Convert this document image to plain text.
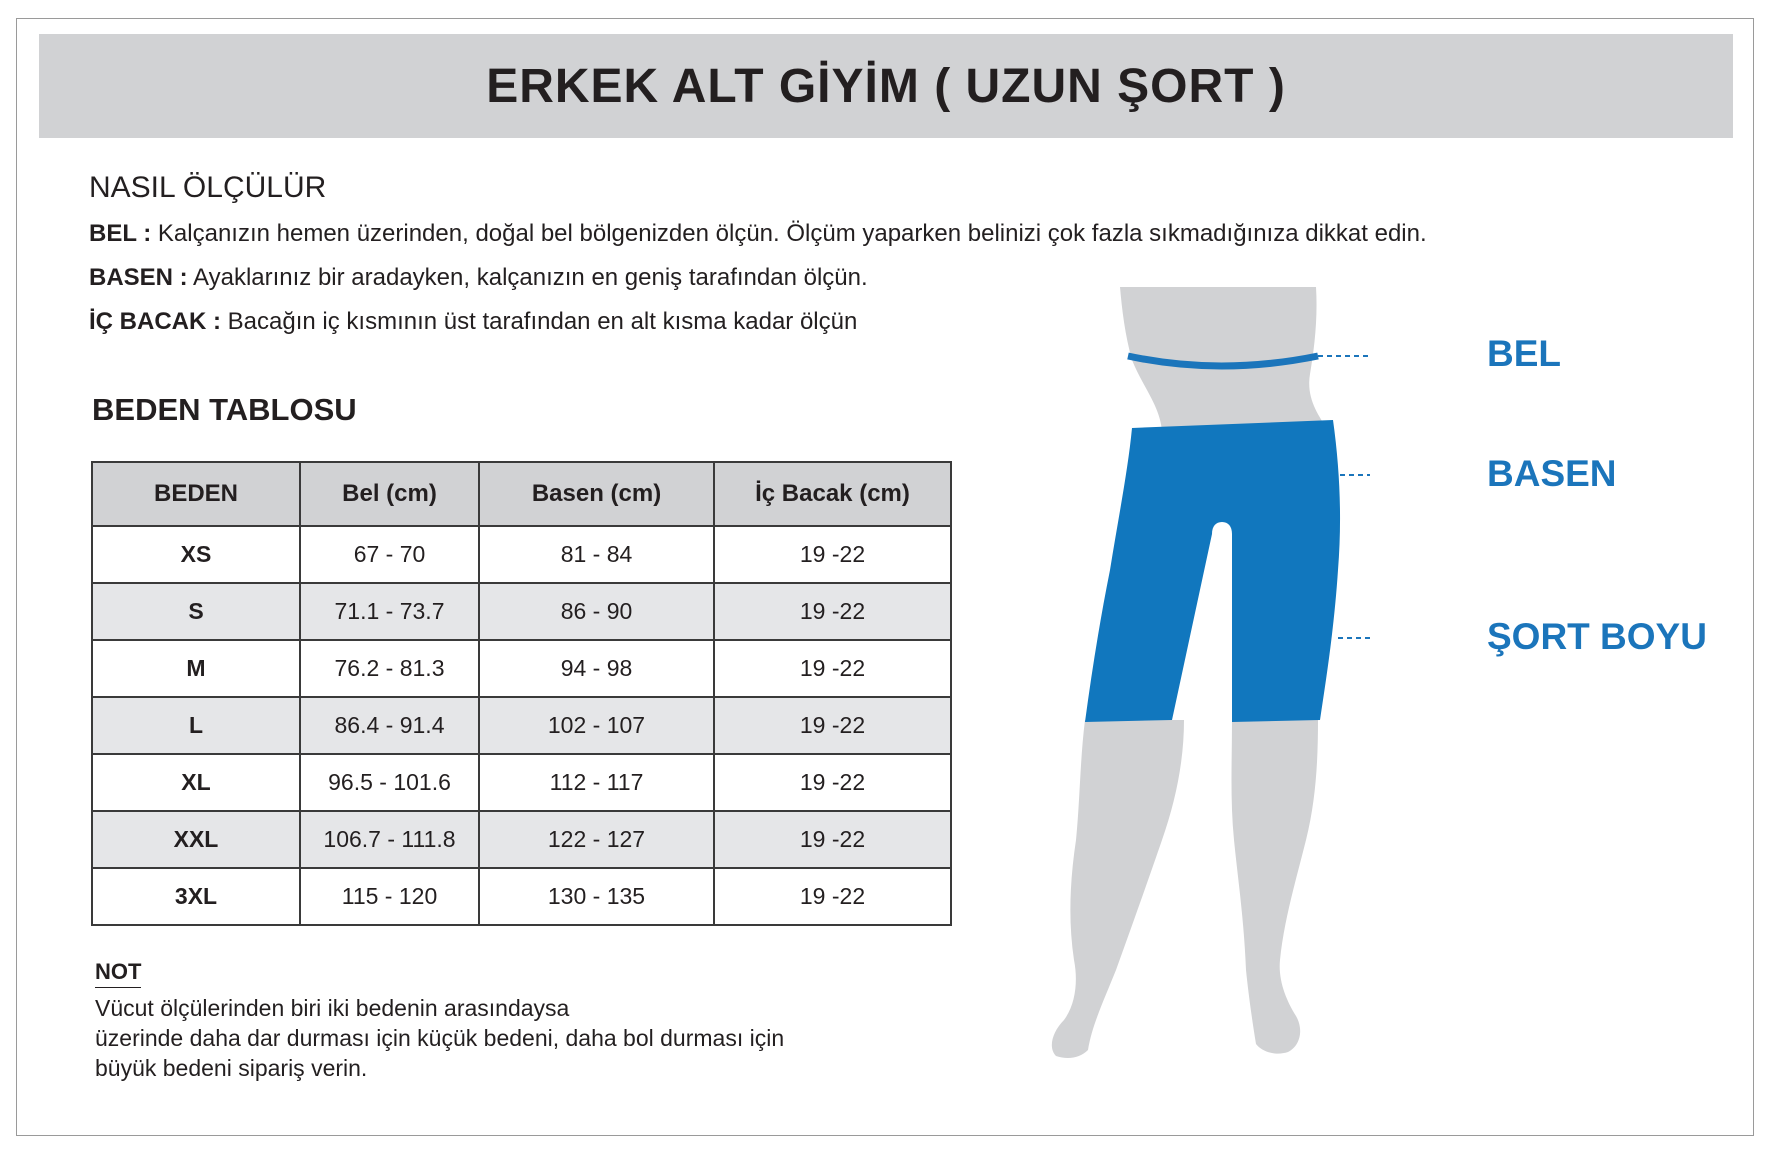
ERKEK ALT GİYİM ( UZUN ŞORT )
NASIL ÖLÇÜLÜR
BEL : Kalçanızın hemen üzerinden, doğal bel bölgenizden ölçün. Ölçüm yaparken belinizi çok fazla sıkmadığınıza dikkat edin.
BASEN : Ayaklarınız bir aradayken, kalçanızın en geniş tarafından ölçün.
İÇ BACAK : Bacağın iç kısmının üst tarafından en alt kısma kadar ölçün
BEDEN TABLOSU
BEDEN	Bel (cm)	Basen (cm)	İç Bacak (cm)
XS	67 - 70	81 - 84	19 -22
S	71.1 - 73.7	86 - 90	19 -22
M	76.2 - 81.3	94 - 98	19 -22
L	86.4 - 91.4	102 - 107	19 -22
XL	96.5 - 101.6	112 - 117	19 -22
XXL	106.7 - 111.8	122 - 127	19 -22
3XL	115 - 120	130 - 135	19 -22
NOT
Vücut ölçülerinden biri iki bedenin arasındaysa
üzerinde daha dar durması için küçük bedeni, daha bol durması için
büyük bedeni sipariş verin.
BEL
BASEN
ŞORT BOYU
